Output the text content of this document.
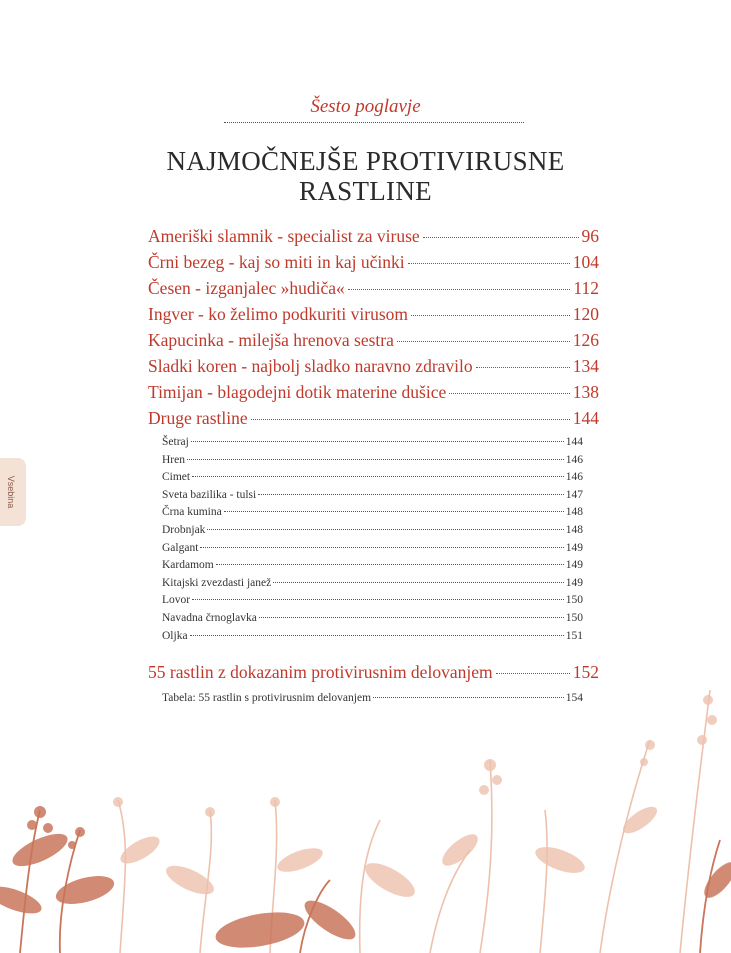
Šesto poglavje
NAJMOČNEJŠE PROTIVIRUSNE
RASTLINE
Ameriški slamnik - specialist za viruse	96
Črni bezeg - kaj so miti in kaj učinki	104
Česen - izganjalec »hudiča«	112
Ingver - ko želimo podkuriti virusom	120
Kapucinka - milejša hrenova sestra	126
Sladki koren - najbolj sladko naravno zdravilo	134
Timijan - blagodejni dotik materine dušice	138
Druge rastline	144
Šetraj	144
Hren	146
Cimet	146
Sveta bazilika - tulsi	147
Črna kumina	148
Drobnjak	148
Galgant	149
Kardamom	149
Kitajski zvezdasti janež	149
Lovor	150
Navadna črnoglavka	150
Oljka	151
55 rastlin z dokazanim protivirusnim delovanjem	152
Tabela: 55 rastlin s protivirusnim delovanjem	154
Vsebina
